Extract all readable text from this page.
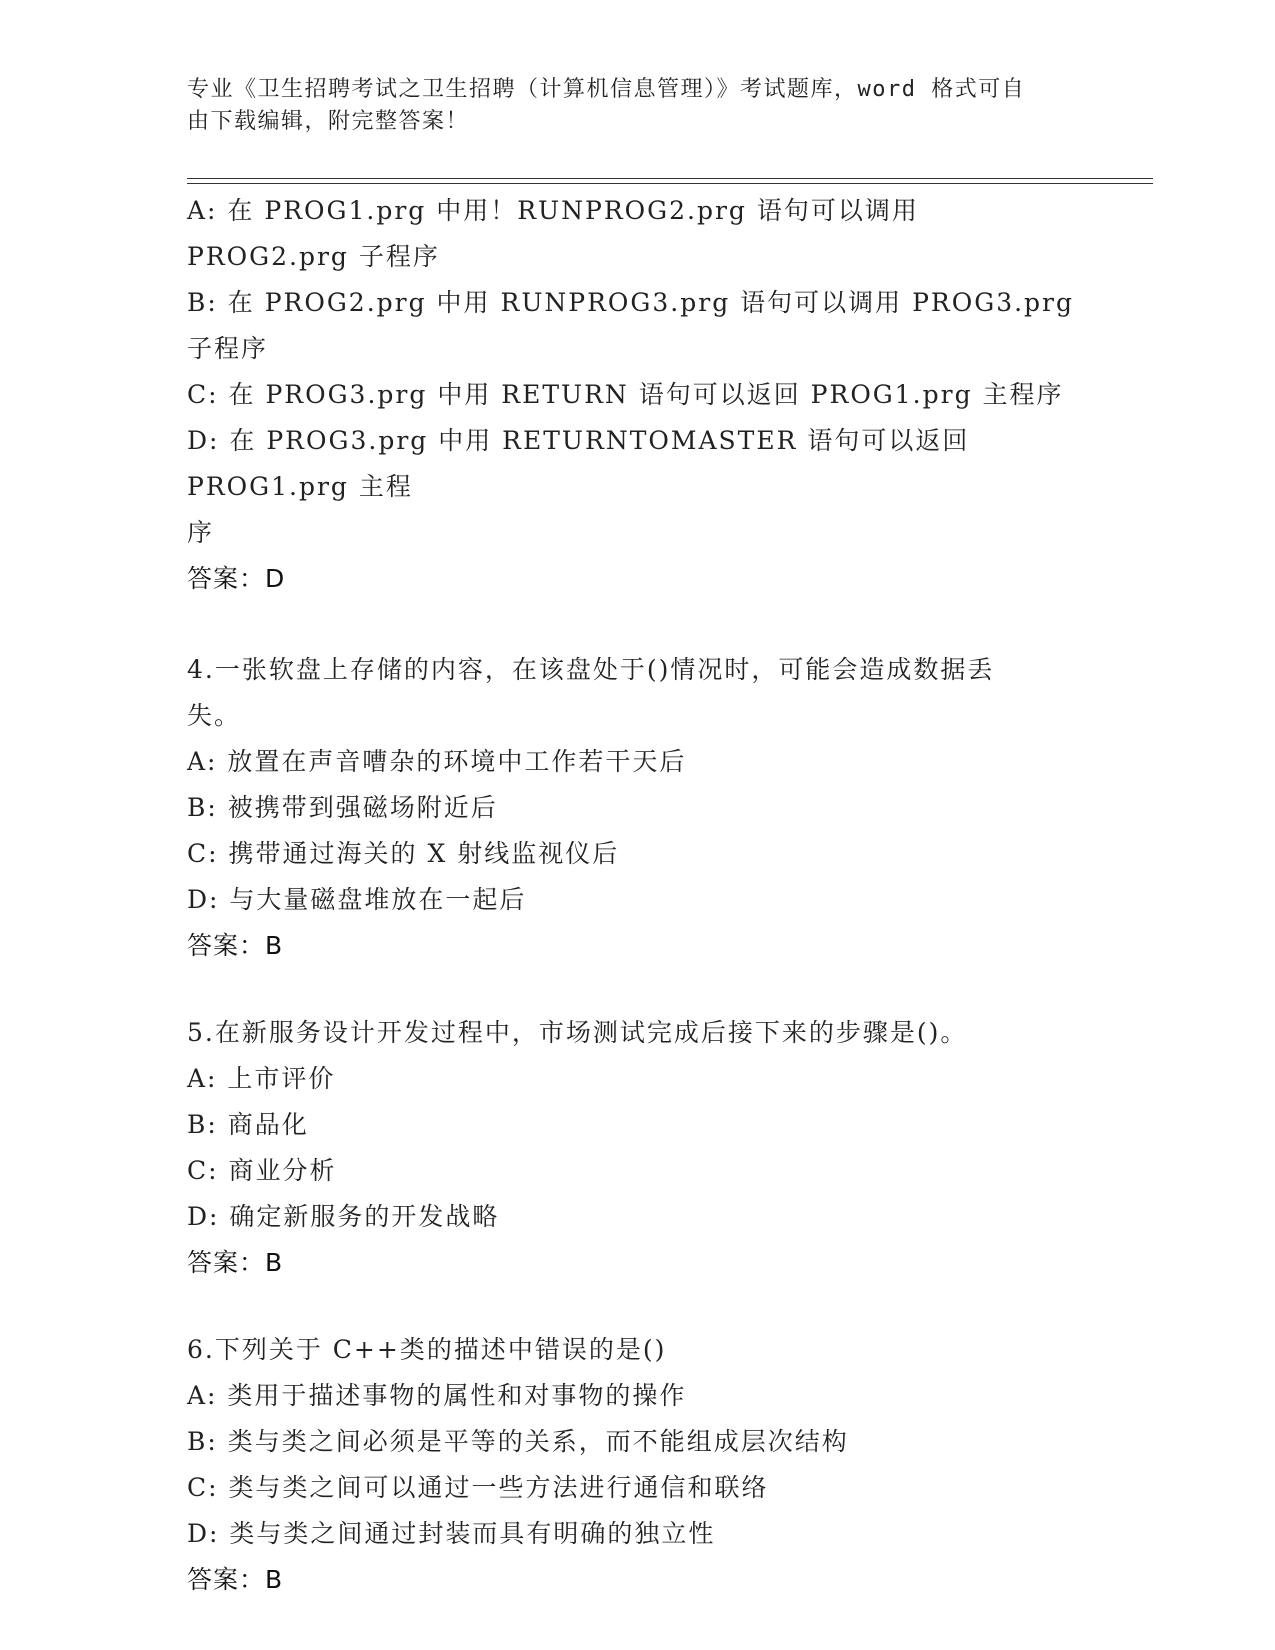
专业《卫生招聘考试之卫生招聘（计算机信息管理）》考试题库，word 格式可自
由下载编辑，附完整答案！
A: 在 PROG1.prg 中用！RUNPROG2.prg 语句可以调用 PROG2.prg 子程序
B: 在 PROG2.prg 中用 RUNPROG3.prg 语句可以调用 PROG3.prg 子程序
C: 在 PROG3.prg 中用 RETURN 语句可以返回 PROG1.prg 主程序
D: 在 PROG3.prg 中用 RETURNTOMASTER 语句可以返回 PROG1.prg 主程
序
答案：D
4.一张软盘上存储的内容，在该盘处于()情况时，可能会造成数据丢
失。
A: 放置在声音嘈杂的环境中工作若干天后
B: 被携带到强磁场附近后
C: 携带通过海关的 X 射线监视仪后
D: 与大量磁盘堆放在一起后
答案：B
5.在新服务设计开发过程中，市场测试完成后接下来的步骤是()。
A: 上市评价
B: 商品化
C: 商业分析
D: 确定新服务的开发战略
答案：B
6.下列关于 C++类的描述中错误的是()
A: 类用于描述事物的属性和对事物的操作
B: 类与类之间必须是平等的关系，而不能组成层次结构
C: 类与类之间可以通过一些方法进行通信和联络
D: 类与类之间通过封装而具有明确的独立性
答案：B
